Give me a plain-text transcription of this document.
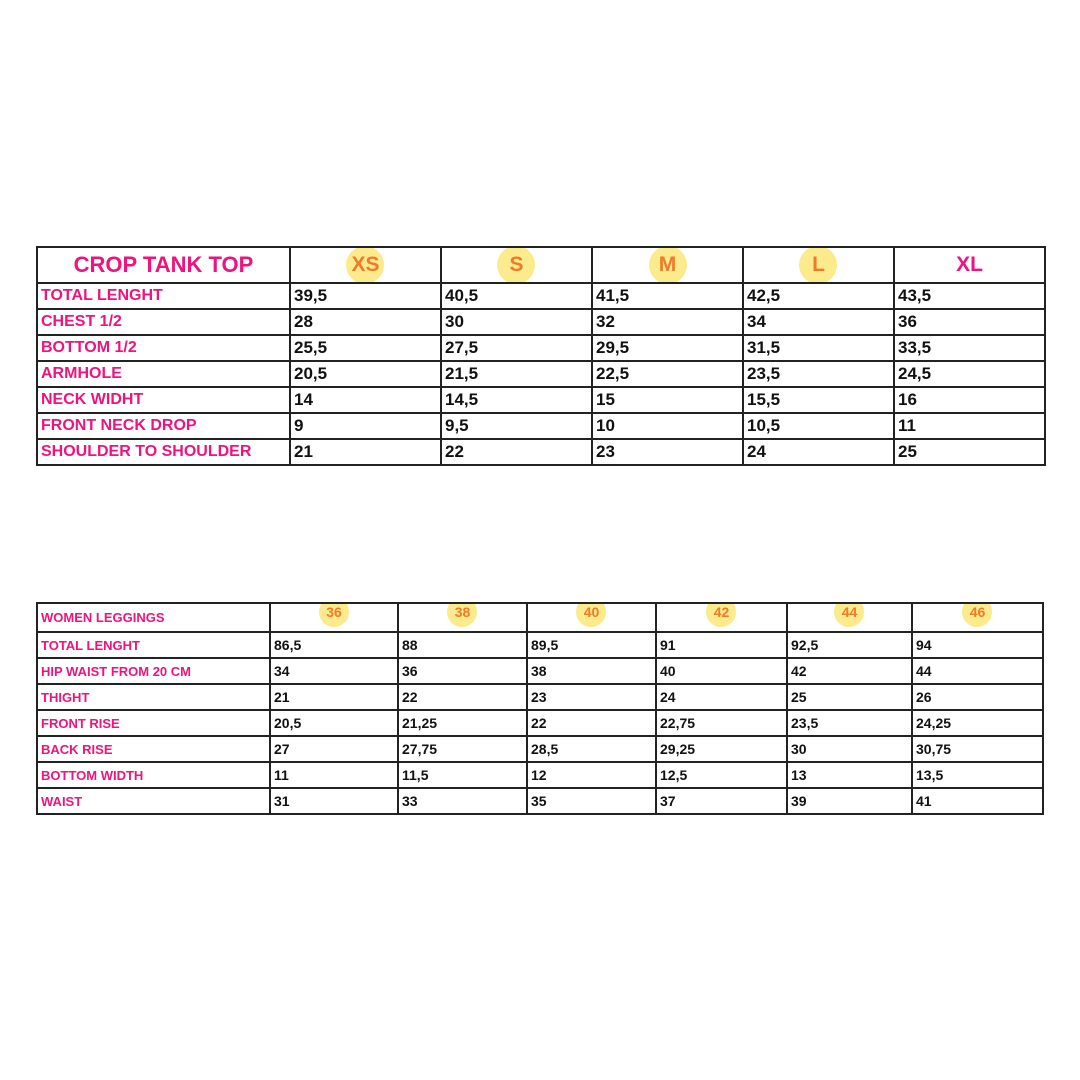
CROP TANK TOP	XS	S	M	L	XL
TOTAL LENGHT	39,5	40,5	41,5	42,5	43,5
CHEST 1/2	28	30	32	34	36
BOTTOM 1/2	25,5	27,5	29,5	31,5	33,5
ARMHOLE	20,5	21,5	22,5	23,5	24,5
NECK WIDHT	14	14,5	15	15,5	16
FRONT NECK DROP	9	9,5	10	10,5	11
SHOULDER TO SHOULDER	21	22	23	24	25
WOMEN LEGGINGS	36	38	40	42	44	46
TOTAL LENGHT	86,5	88	89,5	91	92,5	94
HIP WAIST FROM 20 CM	34	36	38	40	42	44
THIGHT	21	22	23	24	25	26
FRONT RISE	20,5	21,25	22	22,75	23,5	24,25
BACK RISE	27	27,75	28,5	29,25	30	30,75
BOTTOM WIDTH	11	11,5	12	12,5	13	13,5
WAIST	31	33	35	37	39	41
